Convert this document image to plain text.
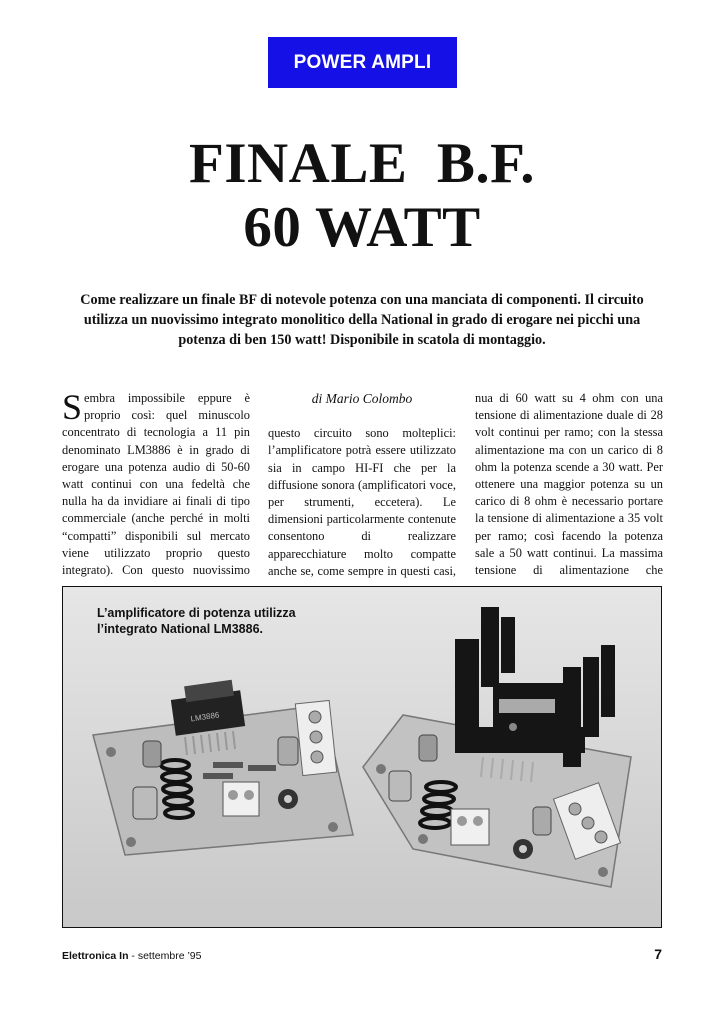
POWER AMPLI
FINALE  B.F.
60 WATT
Come realizzare un finale BF di notevole potenza con una manciata di componenti. Il circuito utilizza un nuovissimo integrato monolitico della National in grado di erogare nei picchi una potenza di ben 150 watt! Disponibile in scatola di montaggio.
Sembra impossibile eppure è proprio così: quel minuscolo concentrato di tecnologia a 11 pin denominato LM3886 è in grado di erogare una potenza audio di 50-60 watt continui con una fedeltà che nulla ha da invidiare ai finali di tipo commerciale (anche perché in molti “compatti” disponibili sul mercato viene utilizzato proprio questo integrato). Con questo nuovissimo
di Mario Colombo
questo circuito sono molteplici: l’amplificatore potrà essere utilizzato sia in campo HI-FI che per la diffusione sonora (amplificatori voce, per strumenti, eccetera). Le dimensioni particolarmente contenute consentono di realizzare apparecchiature molto compatte anche se, come sempre in questi casi,
nua di 60 watt su 4 ohm con una tensione di alimentazione duale di 28 volt continui per ramo; con la stessa alimentazione ma con un carico di 8 ohm la potenza scende a 30 watt. Per ottenere una maggior potenza su un carico di 8 ohm è necessario portare la tensione di alimentazione a 35 volt per ramo; così facendo la potenza sale a 50 watt continui. La massima tensione di alimentazione che
LM3886
L’amplificatore di potenza utilizza l’integrato National LM3886.
Elettronica In - settembre ’95	7
